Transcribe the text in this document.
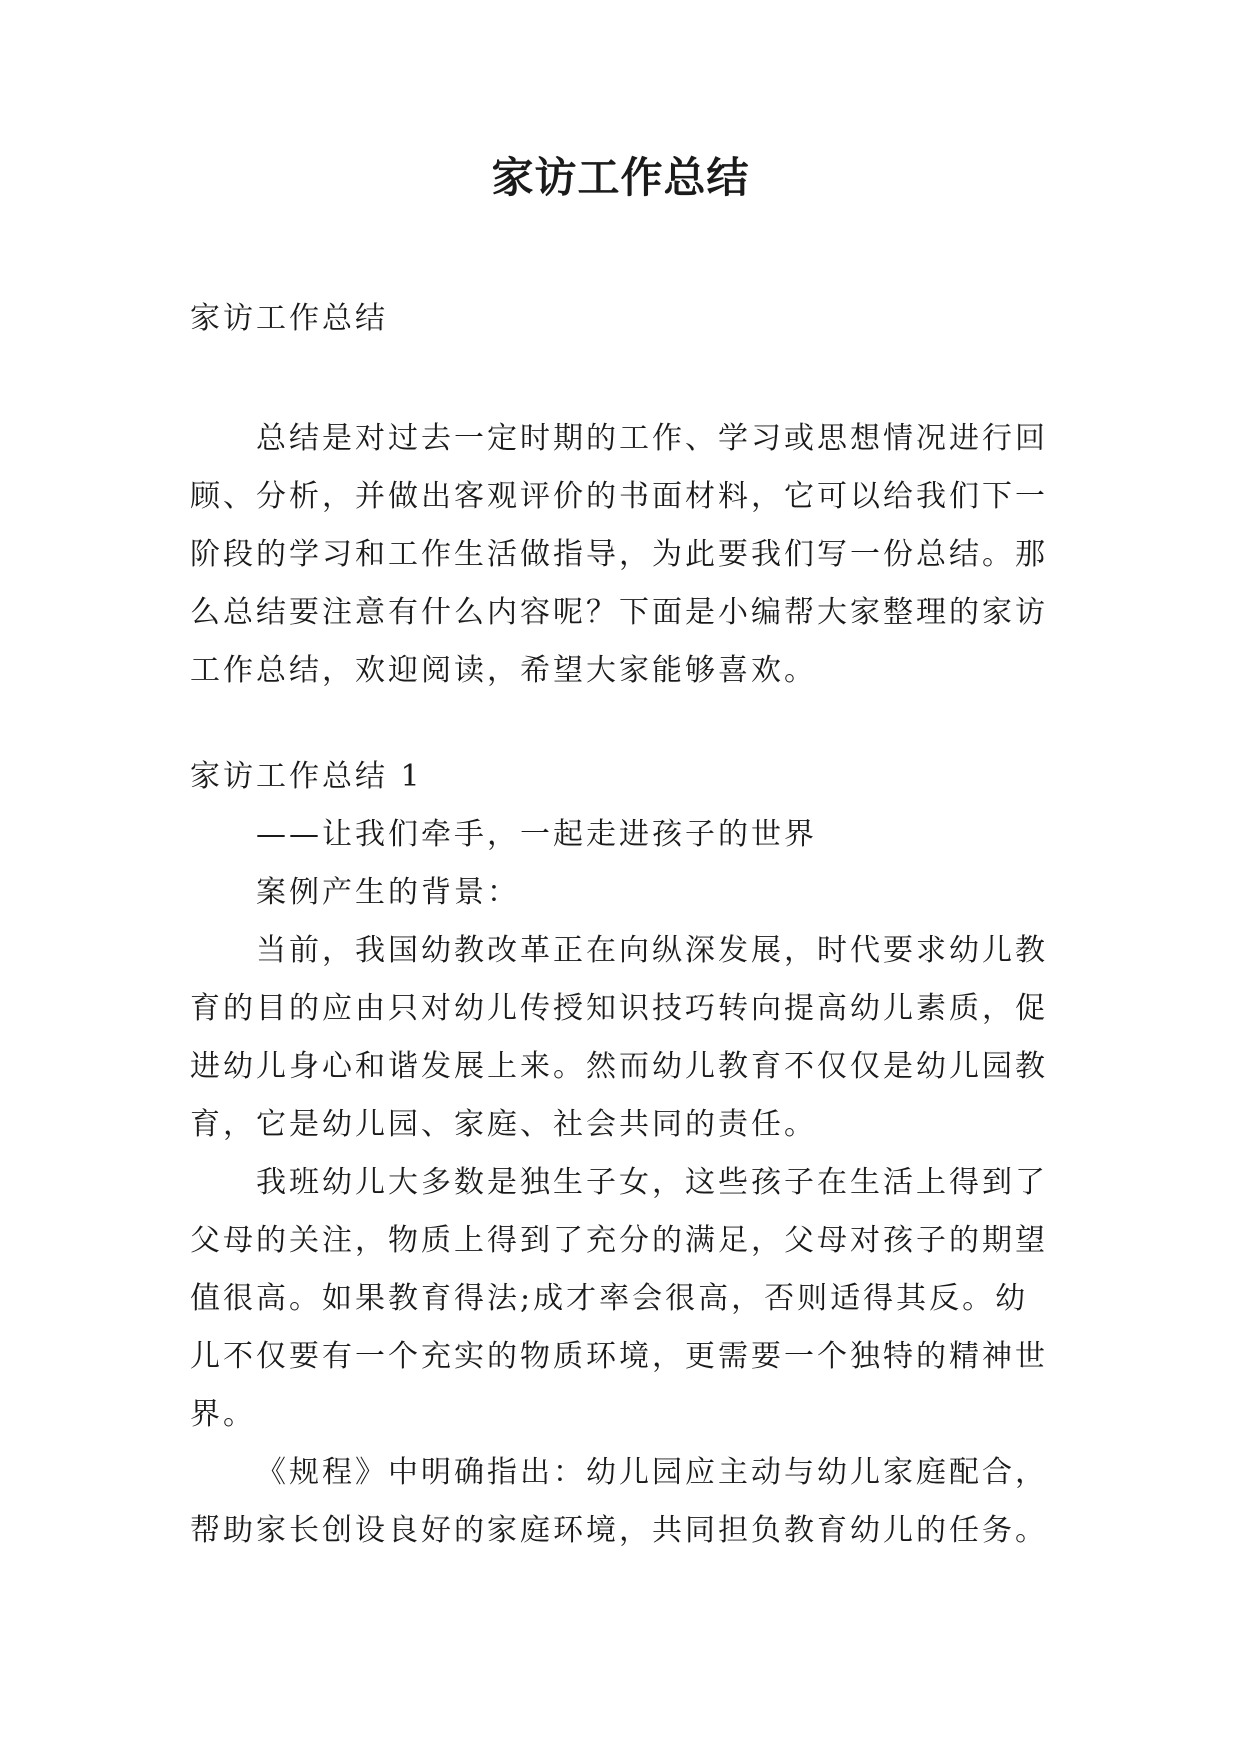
家访工作总结

家访工作总结

总结是对过去一定时期的工作、学习或思想情况进行回顾、分析，并做出客观评价的书面材料，它可以给我们下一阶段的学习和工作生活做指导，为此要我们写一份总结。那么总结要注意有什么内容呢？下面是小编帮大家整理的家访工作总结，欢迎阅读，希望大家能够喜欢。

家访工作总结 1

——让我们牵手，一起走进孩子的世界

案例产生的背景：

当前，我国幼教改革正在向纵深发展，时代要求幼儿教育的目的应由只对幼儿传授知识技巧转向提高幼儿素质，促进幼儿身心和谐发展上来。然而幼儿教育不仅仅是幼儿园教育，它是幼儿园、家庭、社会共同的责任。

我班幼儿大多数是独生子女，这些孩子在生活上得到了父母的关注，物质上得到了充分的满足，父母对孩子的期望值很高。如果教育得法;成才率会很高，否则适得其反。幼儿不仅要有一个充实的物质环境，更需要一个独特的精神世界。

《规程》中明确指出：幼儿园应主动与幼儿家庭配合，帮助家长创设良好的家庭环境，共同担负教育幼儿的任务。
